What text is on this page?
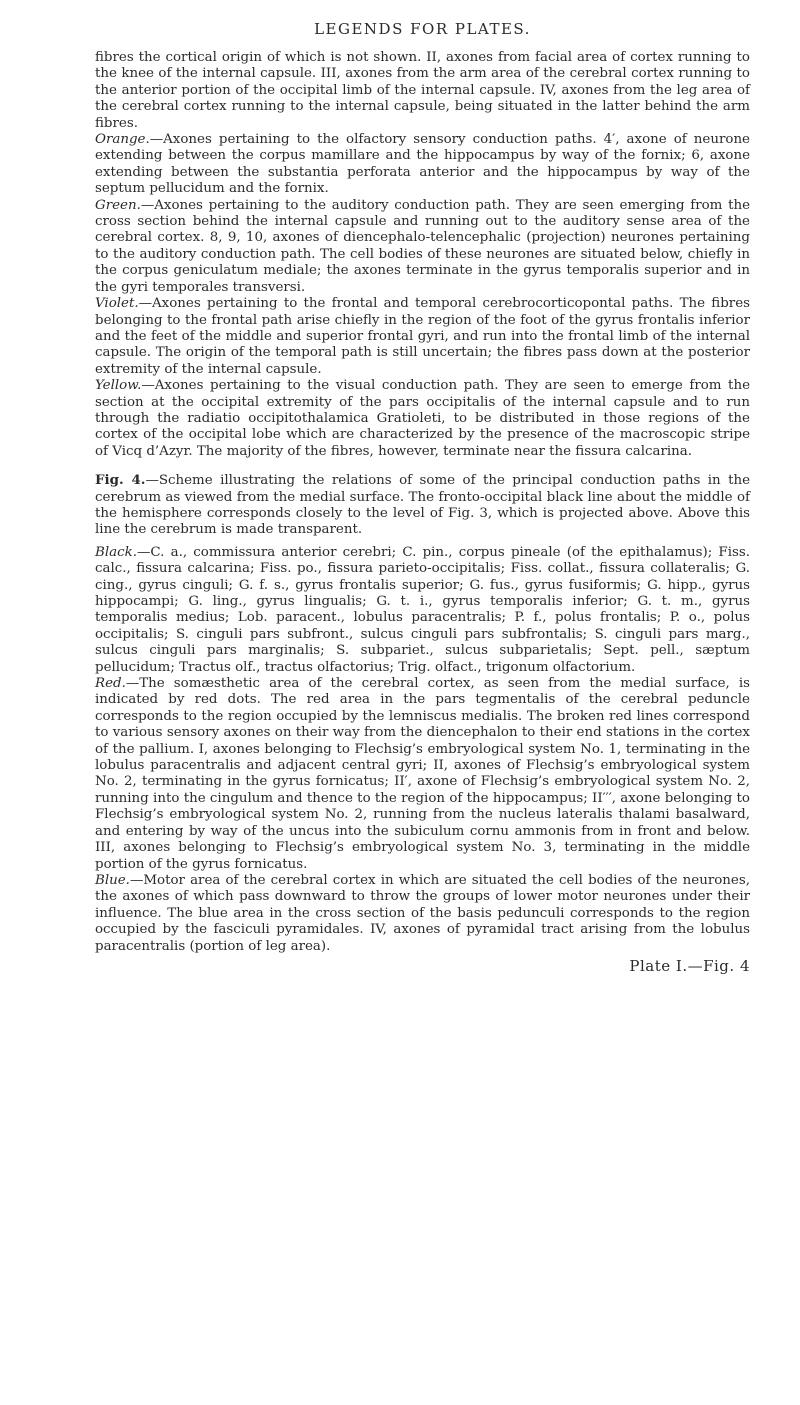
LEGENDS FOR PLATES.

fibres the cortical origin of which is not shown. II, axones from facial area of cortex running to the knee of the internal capsule. III, axones from the arm area of the cerebral cortex running to the anterior portion of the occipital limb of the internal capsule. IV, axones from the leg area of the cerebral cortex running to the internal capsule, being situated in the latter behind the arm fibres.

Orange.—Axones pertaining to the olfactory sensory conduction paths. 4′, axone of neurone extending between the corpus mamillare and the hippocampus by way of the fornix; 6, axone extending between the substantia perforata anterior and the hippocampus by way of the septum pellucidum and the fornix.

Green.—Axones pertaining to the auditory conduction path. They are seen emerging from the cross section behind the internal capsule and running out to the auditory sense area of the cerebral cortex. 8, 9, 10, axones of diencephalo-telencephalic (projection) neurones pertaining to the auditory conduction path. The cell bodies of these neurones are situated below, chiefly in the corpus geniculatum mediale; the axones terminate in the gyrus temporalis superior and in the gyri temporales transversi.

Violet.—Axones pertaining to the frontal and temporal cerebrocorticopontal paths. The fibres belonging to the frontal path arise chiefly in the region of the foot of the gyrus frontalis inferior and the feet of the middle and superior frontal gyri, and run into the frontal limb of the internal capsule. The origin of the temporal path is still uncertain; the fibres pass down at the posterior extremity of the internal capsule.

Yellow.—Axones pertaining to the visual conduction path. They are seen to emerge from the section at the occipital extremity of the pars occipitalis of the internal capsule and to run through the radiatio occipitothalamica Gratioleti, to be distributed in those regions of the cortex of the occipital lobe which are characterized by the presence of the macroscopic stripe of Vicq d’Azyr. The majority of the fibres, however, terminate near the fissura calcarina.

Fig. 4.—Scheme illustrating the relations of some of the principal conduction paths in the cerebrum as viewed from the medial surface. The fronto-occipital black line about the middle of the hemisphere corresponds closely to the level of Fig. 3, which is projected above. Above this line the cerebrum is made transparent.

Black.—C. a., commissura anterior cerebri; C. pin., corpus pineale (of the epithalamus); Fiss. calc., fissura calcarina; Fiss. po., fissura parieto-occipitalis; Fiss. collat., fissura collateralis; G. cing., gyrus cinguli; G. f. s., gyrus frontalis superior; G. fus., gyrus fusiformis; G. hipp., gyrus hippocampi; G. ling., gyrus lingualis; G. t. i., gyrus temporalis inferior; G. t. m., gyrus temporalis medius; Lob. paracent., lobulus paracentralis; P. f., polus frontalis; P. o., polus occipitalis; S. cinguli pars subfront., sulcus cinguli pars subfrontalis; S. cinguli pars marg., sulcus cinguli pars marginalis; S. subpariet., sulcus subparietalis; Sept. pell., sæptum pellucidum; Tractus olf., tractus olfactorius; Trig. olfact., trigonum olfactorium.

Red.—The somæsthetic area of the cerebral cortex, as seen from the medial surface, is indicated by red dots. The red area in the pars tegmentalis of the cerebral peduncle corresponds to the region occupied by the lemniscus medialis. The broken red lines correspond to various sensory axones on their way from the diencephalon to their end stations in the cortex of the pallium. I, axones belonging to Flechsig’s embryological system No. 1, terminating in the lobulus paracentralis and adjacent central gyri; II, axones of Flechsig’s embryological system No. 2, terminating in the gyrus fornicatus; II′, axone of Flechsig’s embryological system No. 2, running into the cingulum and thence to the region of the hippocampus; II′′′, axone belonging to Flechsig’s embryological system No. 2, running from the nucleus lateralis thalami basalward, and entering by way of the uncus into the subiculum cornu ammonis from in front and below. III, axones belonging to Flechsig’s embryological system No. 3, terminating in the middle portion of the gyrus fornicatus.

Blue.—Motor area of the cerebral cortex in which are situated the cell bodies of the neurones, the axones of which pass downward to throw the groups of lower motor neurones under their influence. The blue area in the cross section of the basis pedunculi corresponds to the region occupied by the fasciculi pyramidales. IV, axones of pyramidal tract arising from the lobulus paracentralis (portion of leg area).

Plate I.—Fig. 4
